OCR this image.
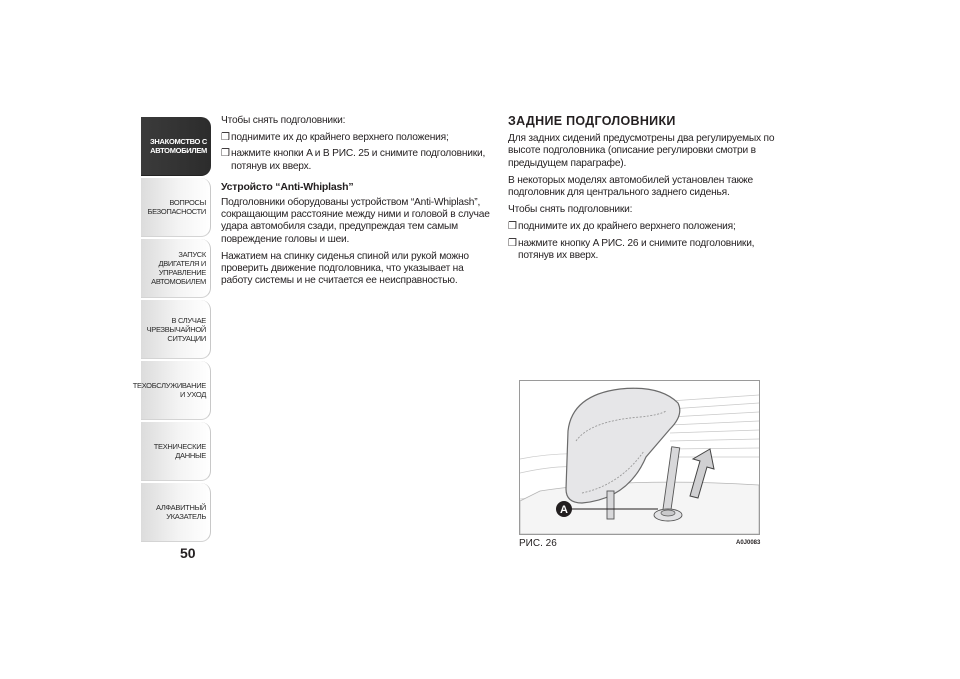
ЗНАКОМСТВО С
АВТОМОБИЛЕМ
ВОПРОСЫ
БЕЗОПАСНОСТИ
ЗАПУСК ДВИГАТЕЛЯ И
УПРАВЛЕНИЕ
АВТОМОБИЛЕМ
В СЛУЧАЕ
ЧРЕЗВЫЧАЙНОЙ
СИТУАЦИИ
ТЕХОБСЛУЖИВАНИЕ
И УХОД
ТЕХНИЧЕСКИЕ
ДАННЫЕ
АЛФАВИТНЫЙ
УКАЗАТЕЛЬ
50

Чтобы снять подголовники:

❒ поднимите их до крайнего верхнего положения;
❒ нажмите кнопки A и B РИС. 25 и снимите подголовники, потянув их вверх.
Устройсто “Anti-Whiplash”

Подголовники оборудованы устройством “Anti-Whiplash”, сокращающим расстояние между ними и головой в случае удара автомобиля сзади, предупреждая тем самым повреждение головы и шеи.

Нажатием на спинку сиденья спиной или рукой можно проверить движение подголовника, что указывает на работу системы и не считается ее неисправностью.

ЗАДНИЕ ПОДГОЛОВНИКИ

Для задних сидений предусмотрены два регулируемых по высоте подголовника (описание регулировки смотри в предыдущем параграфе).

В некоторых моделях автомобилей установлен также подголовник для центрального заднего сиденья.

Чтобы снять подголовники:

❒ поднимите их до крайнего верхнего положения;
❒ нажмите кнопку A РИС. 26 и снимите подголовники, потянув их вверх.
A
РИС. 26	A0J0083
